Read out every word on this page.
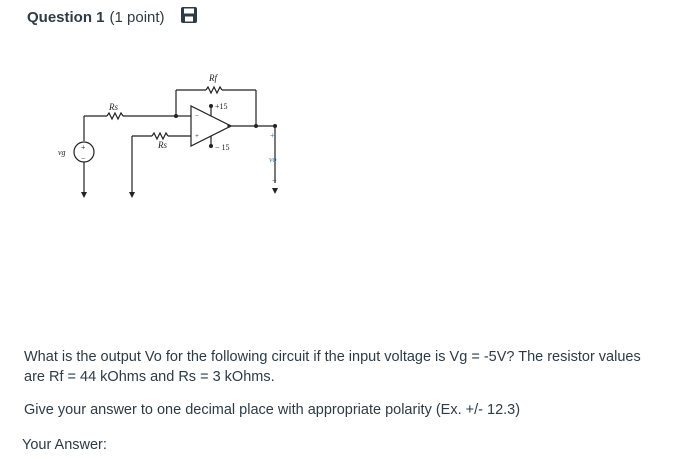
Question 1 (1 point)
+
−
vg
Rs
Rf
−
+
+15
− 15
Rs
+
vo
−
What is the output Vo for the following circuit if the input voltage is Vg = -5V? The resistor values are Rf = 44 kOhms and Rs = 3 kOhms.
Give your answer to one decimal place with appropriate polarity (Ex. +/- 12.3)
Your Answer:
